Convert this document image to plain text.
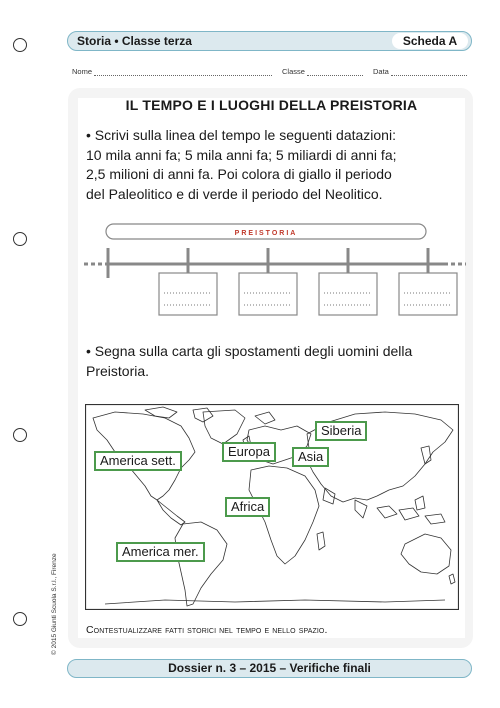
Storia • Classe terza	Scheda A
Nome	Classe	Data
IL TEMPO E I LUOGHI DELLA PREISTORIA
• Scrivi sulla linea del tempo le seguenti datazioni:
10 mila anni fa; 5 mila anni fa; 5 miliardi di anni fa;
2,5 milioni di anni fa. Poi colora di giallo il periodo
del Paleolitico e di verde il periodo del Neolitico.
PREISTORIA
• Segna sulla carta gli spostamenti degli uomini della
Preistoria.
Siberia
America sett.
Europa	Asia
Africa
America mer.
Contestualizzare fatti storici nel tempo e nello spazio.
© 2015 Giunti Scuola S.r.l., Firenze
Dossier n. 3 – 2015 – Verifiche finali
